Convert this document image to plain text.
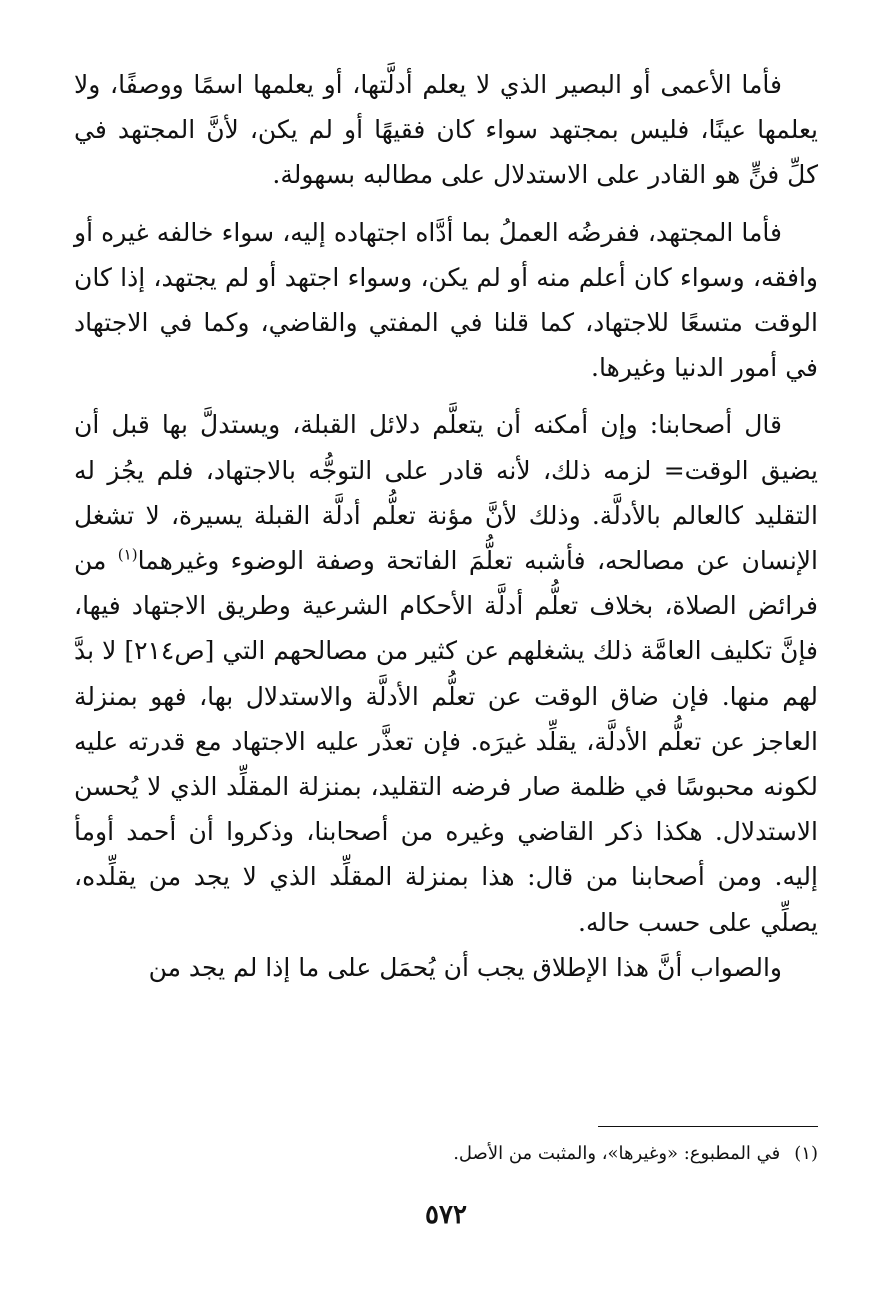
فأما الأعمى أو البصير الذي لا يعلم أدلَّتها، أو يعلمها اسمًا ووصفًا، ولا يعلمها عينًا، فليس بمجتهد سواء كان فقيهًا أو لم يكن، لأنَّ المجتهد في كلِّ فنٍّ هو القادر على الاستدلال على مطالبه بسهولة.

فأما المجتهد، ففرضُه العملُ بما أدَّاه اجتهاده إليه، سواء خالفه غيره أو وافقه، وسواء كان أعلم منه أو لم يكن، وسواء اجتهد أو لم يجتهد، إذا كان الوقت متسعًا للاجتهاد، كما قلنا في المفتي والقاضي، وكما في الاجتهاد في أمور الدنيا وغيرها.

قال أصحابنا: وإن أمكنه أن يتعلَّم دلائل القبلة، ويستدلَّ بها قبل أن يضيق الوقت= لزمه ذلك، لأنه قادر على التوجُّه بالاجتهاد، فلم يجُز له التقليد كالعالم بالأدلَّة. وذلك لأنَّ مؤنة تعلُّم أدلَّة القبلة يسيرة، لا تشغل الإنسان عن مصالحه، فأشبه تعلُّمَ الفاتحة وصفة الوضوء وغيرهما$^{(١)}$ من فرائض الصلاة، بخلاف تعلُّم أدلَّة الأحكام الشرعية وطريق الاجتهاد فيها، فإنَّ تكليف العامَّة ذلك يشغلهم عن كثير من مصالحهم التي [ص٢١٤] لا بدَّ لهم منها. فإن ضاق الوقت عن تعلُّم الأدلَّة والاستدلال بها، فهو بمنزلة العاجز عن تعلُّم الأدلَّة، يقلِّد غيرَه. فإن تعذَّر عليه الاجتهاد مع قدرته عليه لكونه محبوسًا في ظلمة صار فرضه التقليد، بمنزلة المقلِّد الذي لا يُحسن الاستدلال. هكذا ذكر القاضي وغيره من أصحابنا، وذكروا أن أحمد أومأ إليه. ومن أصحابنا من قال: هذا بمنزلة المقلِّد الذي لا يجد من يقلِّده، يصلِّي على حسب حاله.

والصواب أنَّ هذا الإطلاق يجب أن يُحمَل على ما إذا لم يجد من

(١)في المطبوع: «وغيرها»، والمثبت من الأصل.
٥٧٢
